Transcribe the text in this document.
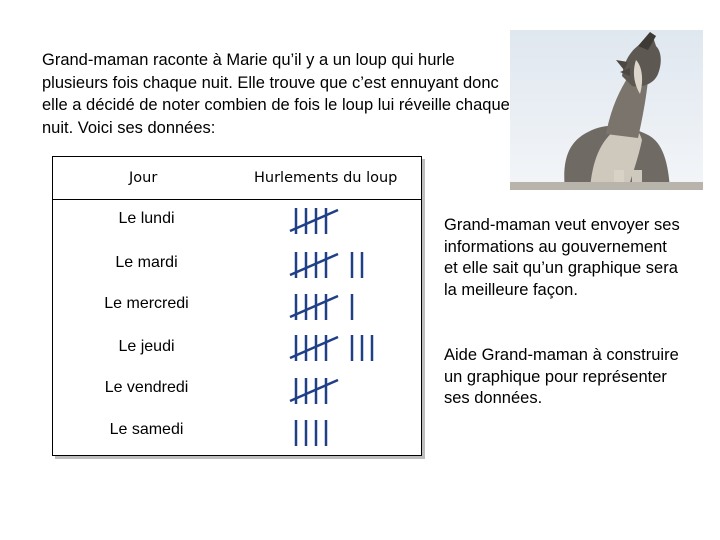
Grand-maman raconte à Marie qu’il y a un loup qui hurle plusieurs fois chaque nuit. Elle trouve que c’est ennuyant donc elle a décidé de noter combien de fois le loup lui réveille chaque nuit. Voici ses données:

Jour	Hurlements du loup
Le lundi
Le mardi
Le mercredi
Le jeudi
Le vendredi
Le samedi

Grand-maman veut envoyer ses informations au gouvernement et elle sait qu’un graphique sera la meilleure façon.

Aide Grand-maman à construire un graphique pour représenter ses données.
